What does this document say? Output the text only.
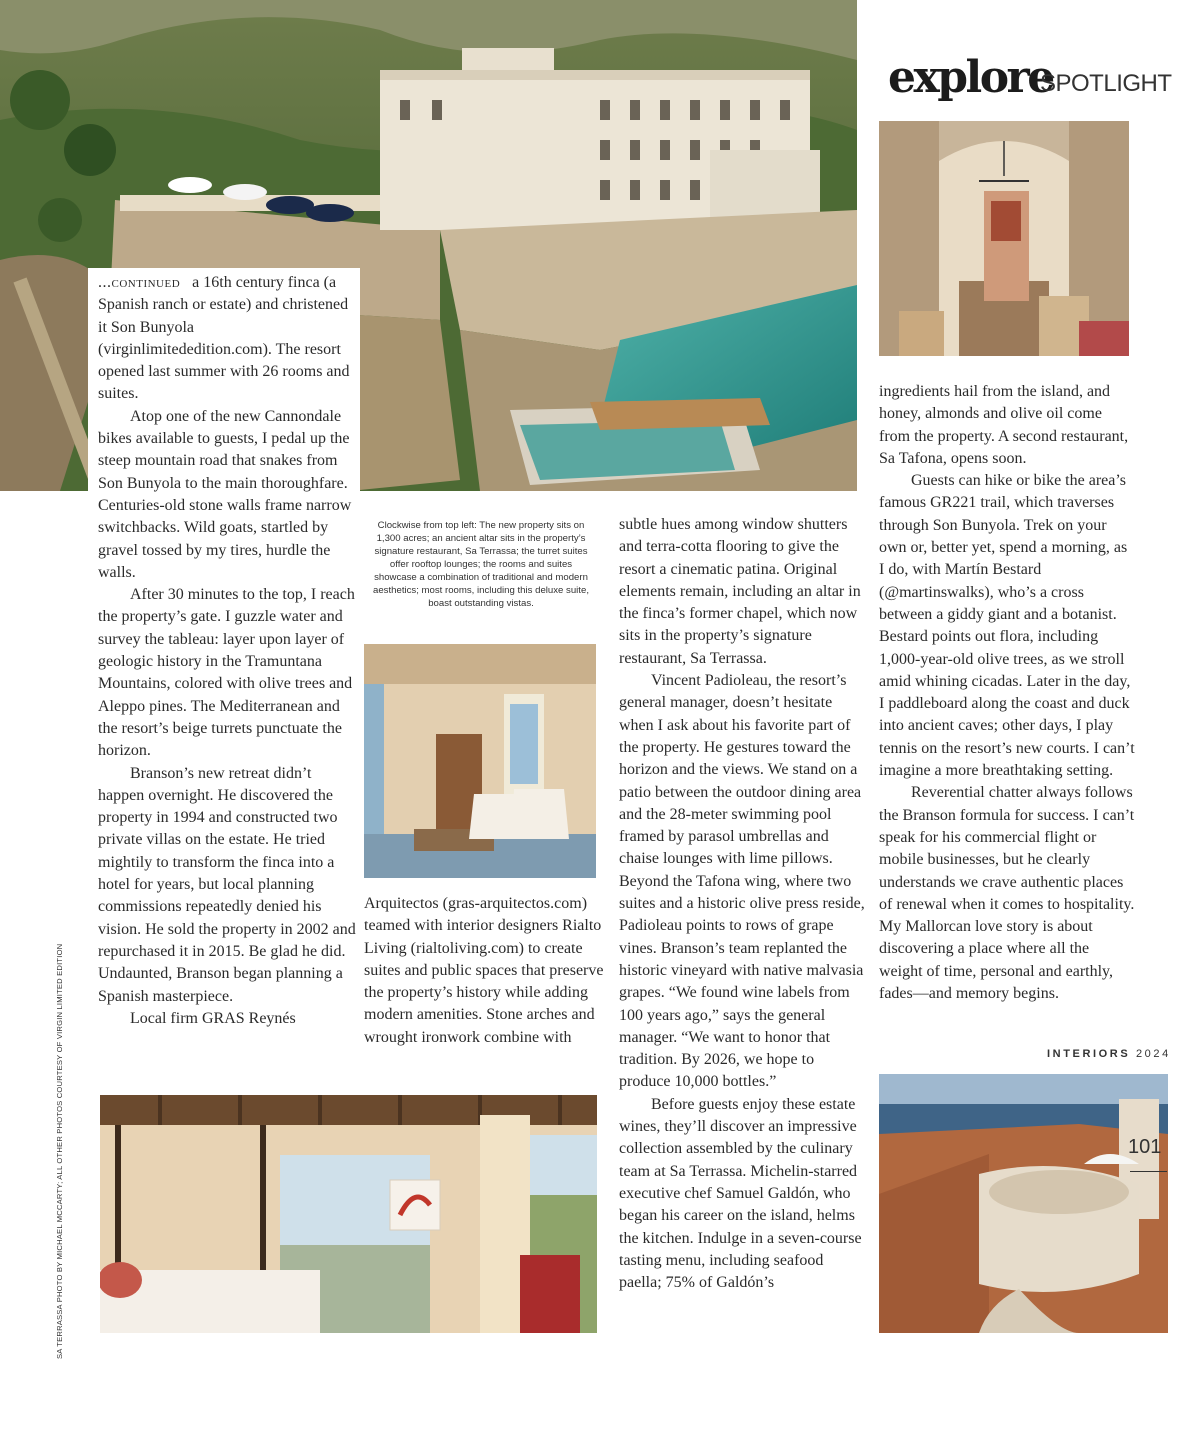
explore
SPOTLIGHT

...continued a 16th century finca (a Spanish ranch or estate) and christened it Son Bunyola (virginlimitededition.com). The resort opened last summer with 26 rooms and suites.

Atop one of the new Cannondale bikes available to guests, I pedal up the steep mountain road that snakes from Son Bunyola to the main thoroughfare. Centuries-old stone walls frame narrow switchbacks. Wild goats, startled by gravel tossed by my tires, hurdle the walls.

After 30 minutes to the top, I reach the property’s gate. I guzzle water and survey the tableau: layer upon layer of geologic history in the Tramuntana Mountains, colored with olive trees and Aleppo pines. The Mediterranean and the resort’s beige turrets punctuate the horizon.

Branson’s new retreat didn’t happen overnight. He discovered the property in 1994 and constructed two private villas on the estate. He tried mightily to transform the finca into a hotel for years, but local planning commissions repeatedly denied his vision. He sold the property in 2002 and repurchased it in 2015. Be glad he did. Undaunted, Branson began planning a Spanish masterpiece.

Local firm GRAS Reynés

Clockwise from top left: The new property sits on 1,300 acres; an ancient altar sits in the property’s signature restaurant, Sa Terrassa; the turret suites offer rooftop lounges; the rooms and suites showcase a combination of traditional and modern aesthetics; most rooms, including this deluxe suite, boast outstanding vistas.

Arquitectos (gras-arquitectos.com) teamed with interior designers Rialto Living (rialtoliving.com) to create suites and public spaces that preserve the property’s history while adding modern amenities. Stone arches and wrought ironwork combine with

subtle hues among window shutters and terra-cotta flooring to give the resort a cinematic patina. Original elements remain, including an altar in the finca’s former chapel, which now sits in the property’s signature restaurant, Sa Terrassa.

Vincent Padioleau, the resort’s general manager, doesn’t hesitate when I ask about his favorite part of the property. He gestures toward the horizon and the views. We stand on a patio between the outdoor dining area and the 28-meter swimming pool framed by parasol umbrellas and chaise lounges with lime pillows. Beyond the Tafona wing, where two suites and a historic olive press reside, Padioleau points to rows of grape vines. Branson’s team replanted the historic vineyard with native malvasia grapes. “We found wine labels from 100 years ago,” says the general manager. “We want to honor that tradition. By 2026, we hope to produce 10,000 bottles.”

Before guests enjoy these estate wines, they’ll discover an impressive collection assembled by the culinary team at Sa Terrassa. Michelin-starred executive chef Samuel Galdón, who began his career on the island, helms the kitchen. Indulge in a seven-course tasting menu, including seafood paella; 75% of Galdón’s

ingredients hail from the island, and honey, almonds and olive oil come from the property. A second restaurant, Sa Tafona, opens soon.

Guests can hike or bike the area’s famous GR221 trail, which traverses through Son Bunyola. Trek on your own or, better yet, spend a morning, as I do, with Martín Bestard (@martinswalks), who’s a cross between a giddy giant and a botanist. Bestard points out flora, including 1,000-year-old olive trees, as we stroll amid whining cicadas. Later in the day, I paddleboard along the coast and duck into ancient caves; other days, I play tennis on the resort’s new courts. I can’t imagine a more breathtaking setting.

Reverential chatter always follows the Branson formula for success. I can’t speak for his commercial flight or mobile businesses, but he clearly understands we crave authentic places of renewal when it comes to hospitality. My Mallorcan love story is about discovering a place where all the weight of time, personal and earthly, fades—and memory begins.

SA TERRASSA PHOTO BY MICHAEL MCCARTY; ALL OTHER PHOTOS COURTESY OF VIRGIN LIMITED EDITION	101
INTERIORS 2024
